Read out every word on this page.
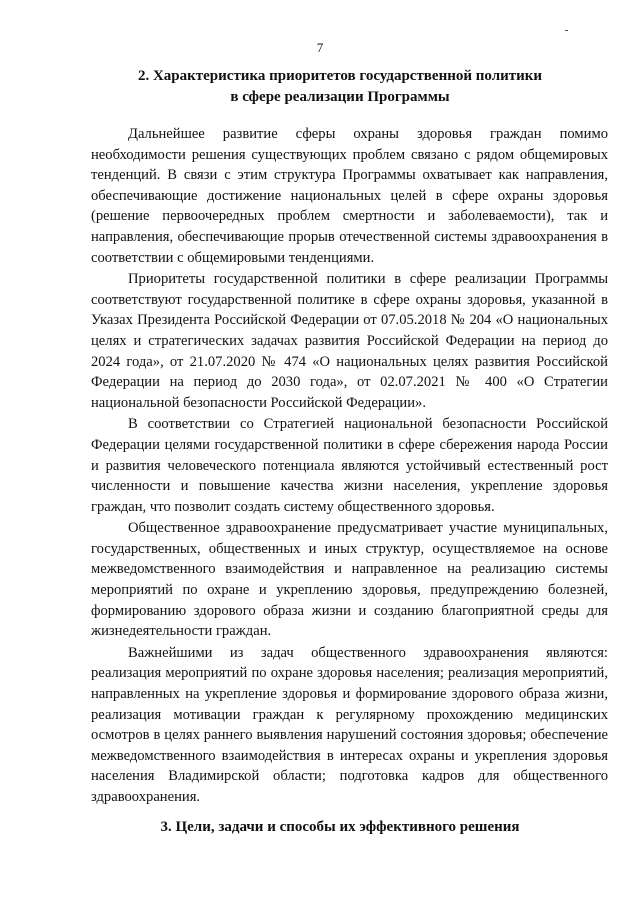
7
2. Характеристика приоритетов государственной политики
в сфере реализации Программы

Дальнейшее развитие сферы охраны здоровья граждан помимо необходимости решения существующих проблем связано с рядом общемировых тенденций. В связи с этим структура Программы охватывает как направления, обеспечивающие достижение национальных целей в сфере охраны здоровья (решение первоочередных проблем смертности и заболеваемости), так и направления, обеспечивающие прорыв отечественной системы здравоохранения в соответствии с общемировыми тенденциями.

Приоритеты государственной политики в сфере реализации Программы соответствуют государственной политике в сфере охраны здоровья, указанной в Указах Президента Российской Федерации от 07.05.2018 № 204 «О национальных целях и стратегических задачах развития Российской Федерации на период до 2024 года», от 21.07.2020 № 474 «О национальных целях развития Российской Федерации на период до 2030 года», от 02.07.2021 № 400 «О Стратегии национальной безопасности Российской Федерации».

В соответствии со Стратегией национальной безопасности Российской Федерации целями государственной политики в сфере сбережения народа России и развития человеческого потенциала являются устойчивый естественный рост численности и повышение качества жизни населения, укрепление здоровья граждан, что позволит создать систему общественного здоровья.

Общественное здравоохранение предусматривает участие муниципальных, государственных, общественных и иных структур, осуществляемое на основе межведомственного взаимодействия и направленное на реализацию системы мероприятий по охране и укреплению здоровья, предупреждению болезней, формированию здорового образа жизни и созданию благоприятной среды для жизнедеятельности граждан.

Важнейшими из задач общественного здравоохранения являются: реализация мероприятий по охране здоровья населения; реализация мероприятий, направленных на укрепление здоровья и формирование здорового образа жизни, реализация мотивации граждан к регулярному прохождению медицинских осмотров в целях раннего выявления нарушений состояния здоровья; обеспечение межведомственного взаимодействия в интересах охраны и укрепления здоровья населения Владимирской области; подготовка кадров для общественного здравоохранения.

3. Цели, задачи и способы их эффективного решения
